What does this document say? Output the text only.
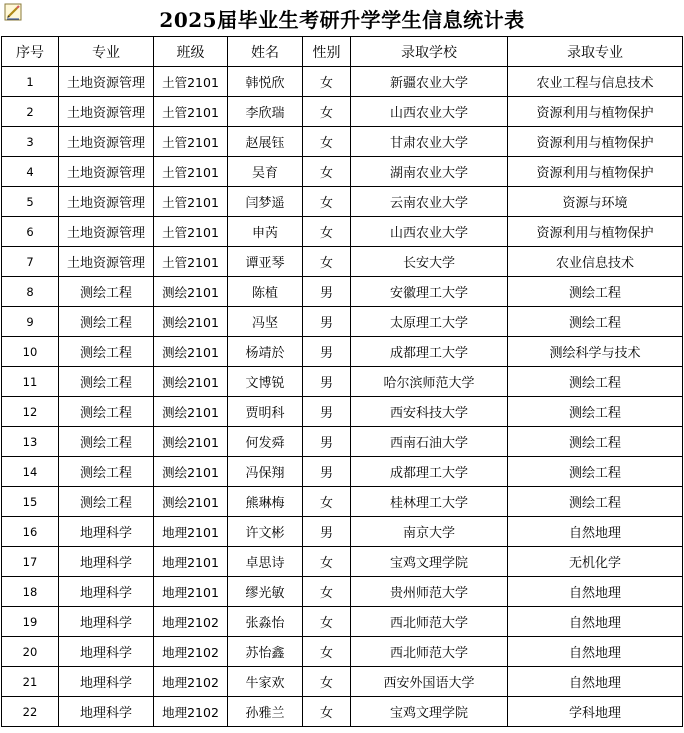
2025届毕业生考研升学学生信息统计表
序号	专业	班级	姓名	性别	录取学校	录取专业
1	土地资源管理	土管2101	韩悦欣	女	新疆农业大学	农业工程与信息技术
2	土地资源管理	土管2101	李欣瑞	女	山西农业大学	资源利用与植物保护
3	土地资源管理	土管2101	赵展钰	女	甘肃农业大学	资源利用与植物保护
4	土地资源管理	土管2101	吴育	女	湖南农业大学	资源利用与植物保护
5	土地资源管理	土管2101	闫梦遥	女	云南农业大学	资源与环境
6	土地资源管理	土管2101	申芮	女	山西农业大学	资源利用与植物保护
7	土地资源管理	土管2101	谭亚琴	女	长安大学	农业信息技术
8	测绘工程	测绘2101	陈植	男	安徽理工大学	测绘工程
9	测绘工程	测绘2101	冯坚	男	太原理工大学	测绘工程
10	测绘工程	测绘2101	杨靖於	男	成都理工大学	测绘科学与技术
11	测绘工程	测绘2101	文博锐	男	哈尔滨师范大学	测绘工程
12	测绘工程	测绘2101	贾明科	男	西安科技大学	测绘工程
13	测绘工程	测绘2101	何发舜	男	西南石油大学	测绘工程
14	测绘工程	测绘2101	冯保翔	男	成都理工大学	测绘工程
15	测绘工程	测绘2101	熊琳梅	女	桂林理工大学	测绘工程
16	地理科学	地理2101	许文彬	男	南京大学	自然地理
17	地理科学	地理2101	卓思诗	女	宝鸡文理学院	无机化学
18	地理科学	地理2101	缪光敏	女	贵州师范大学	自然地理
19	地理科学	地理2102	张淼怡	女	西北师范大学	自然地理
20	地理科学	地理2102	苏怡鑫	女	西北师范大学	自然地理
21	地理科学	地理2102	牛家欢	女	西安外国语大学	自然地理
22	地理科学	地理2102	孙雅兰	女	宝鸡文理学院	学科地理
